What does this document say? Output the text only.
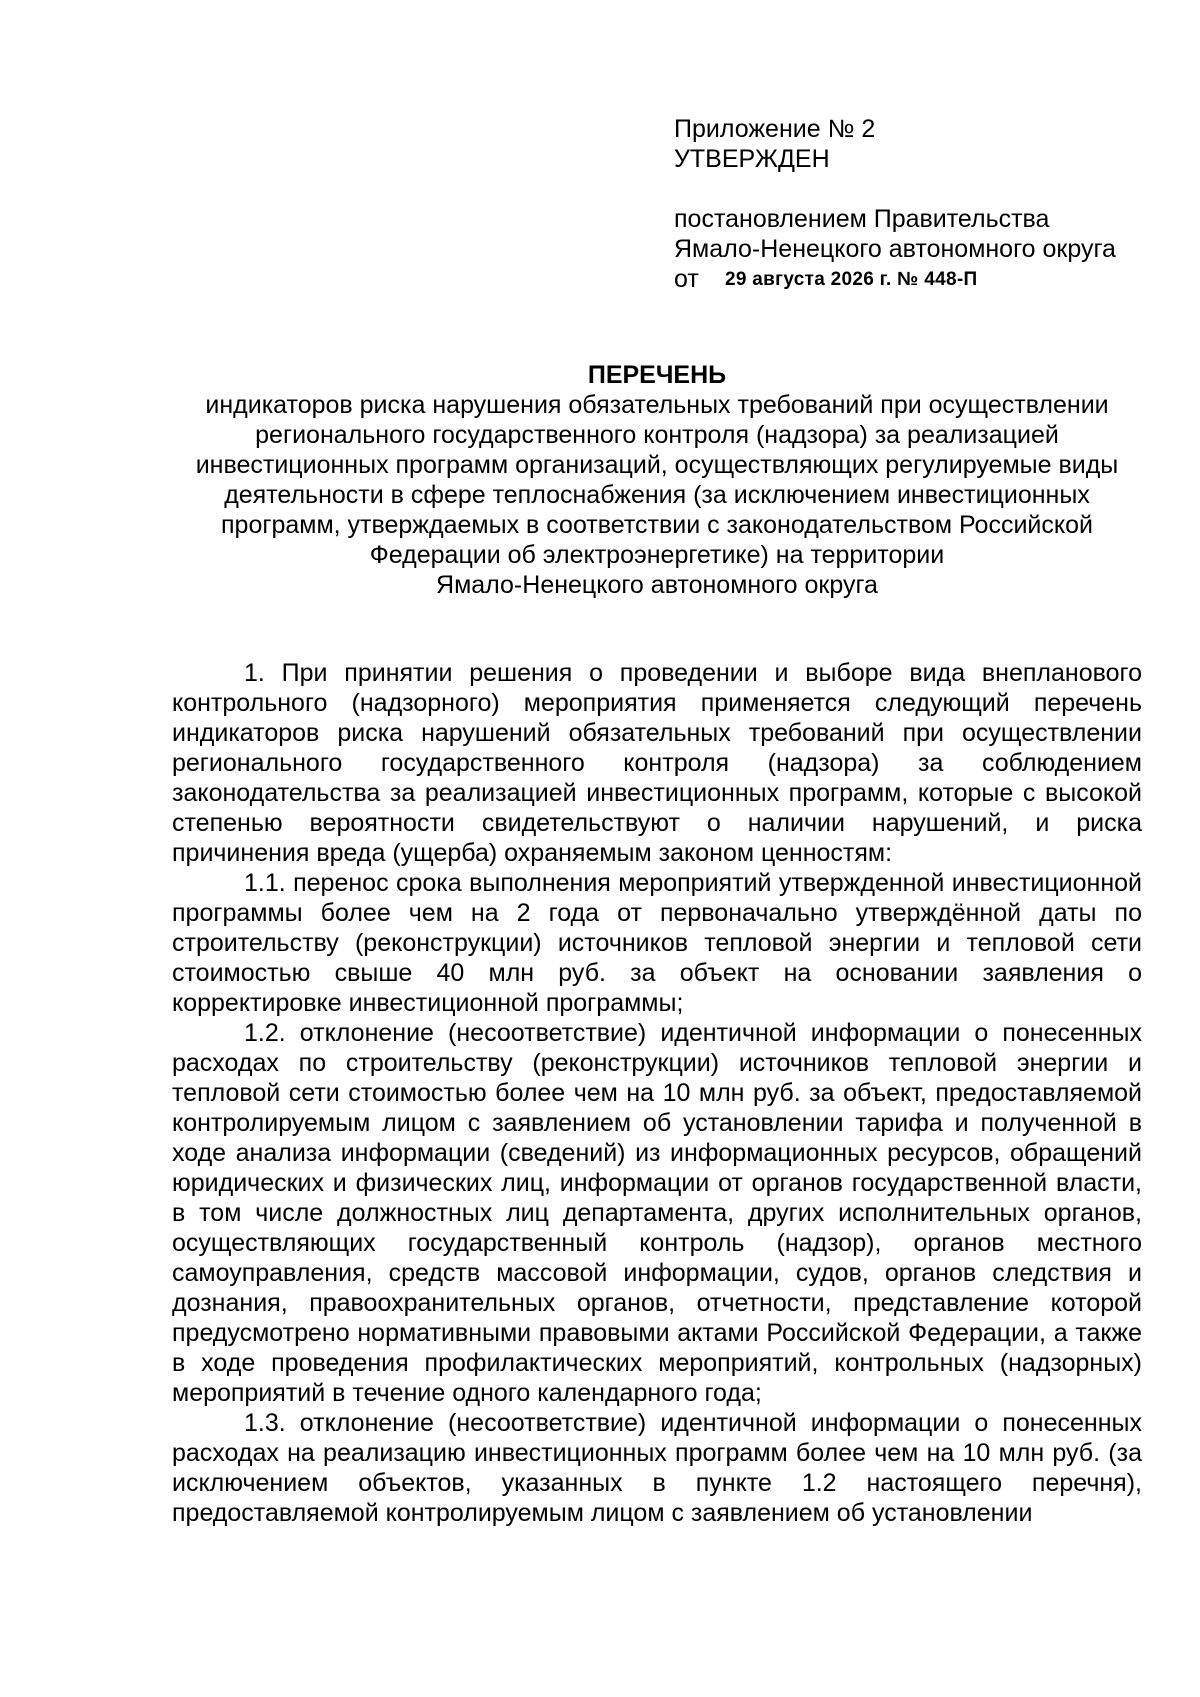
Приложение № 2
УТВЕРЖДЕН
постановлением Правительства
Ямало-Ненецкого автономного округа
от 29 августа 2026 г. № 448-П
ПЕРЕЧЕНЬ
индикаторов риска нарушения обязательных требований при осуществлении
регионального государственного контроля (надзора) за реализацией
инвестиционных программ организаций, осуществляющих регулируемые виды
деятельности в сфере теплоснабжения (за исключением инвестиционных
программ, утверждаемых в соответствии с законодательством Российской
Федерации об электроэнергетике) на территории
Ямало-Ненецкого автономного округа

1. При принятии решения о проведении и выборе вида внепланового контрольного (надзорного) мероприятия применяется следующий перечень индикаторов риска нарушений обязательных требований при осуществлении регионального государственного контроля (надзора) за соблюдением законодательства за реализацией инвестиционных программ, которые с высокой степенью вероятности свидетельствуют о наличии нарушений, и риска причинения вреда (ущерба) охраняемым законом ценностям:

1.1. перенос срока выполнения мероприятий утвержденной инвестиционной программы более чем на 2 года от первоначально утверждённой даты по строительству (реконструкции) источников тепловой энергии и тепловой сети стоимостью свыше 40 млн руб. за объект на основании заявления о корректировке инвестиционной программы;

1.2. отклонение (несоответствие) идентичной информации о понесенных расходах по строительству (реконструкции) источников тепловой энергии и тепловой сети стоимостью более чем на 10 млн руб. за объект, предоставляемой контролируемым лицом с заявлением об установлении тарифа и полученной в ходе анализа информации (сведений) из информационных ресурсов, обращений юридических и физических лиц, информации от органов государственной власти, в том числе должностных лиц департамента, других исполнительных органов, осуществляющих государственный контроль (надзор), органов местного самоуправления, средств массовой информации, судов, органов следствия и дознания, правоохранительных органов, отчетности, представление которой предусмотрено нормативными правовыми актами Российской Федерации, а также в ходе проведения профилактических мероприятий, контрольных (надзорных) мероприятий в течение одного календарного года;

1.3. отклонение (несоответствие) идентичной информации о понесенных расходах на реализацию инвестиционных программ более чем на 10 млн руб. (за исключением объектов, указанных в пункте 1.2 настоящего перечня), предоставляемой контролируемым лицом с заявлением об установлении
